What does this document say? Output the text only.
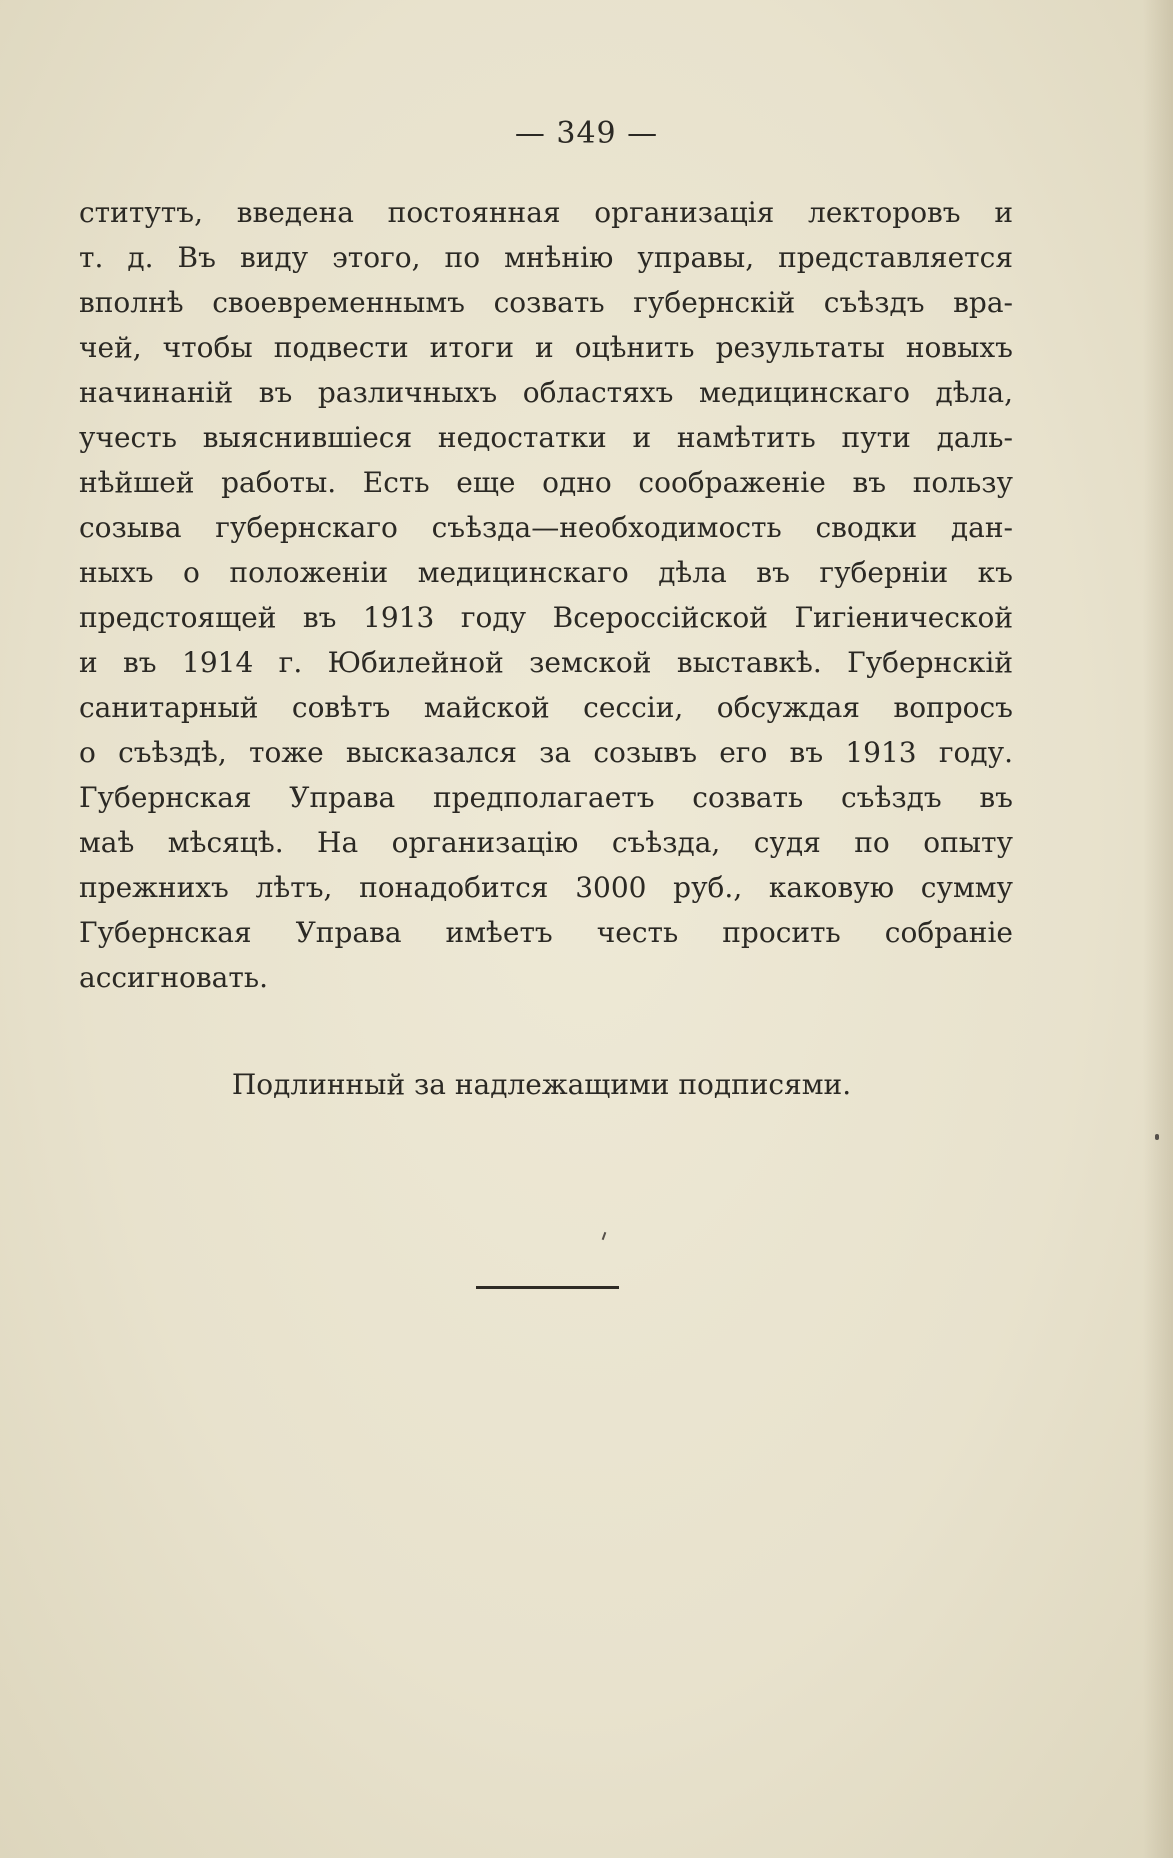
— 349 —
ститутъ, введена постоянная организація лекторовъ и
т. д. Въ виду этого, по мнѣнію управы, представляется
вполнѣ своевременнымъ созвать губернскій съѣздъ вра-
чей, чтобы подвести итоги и оцѣнить результаты новыхъ
начинаній въ различныхъ областяхъ медицинскаго дѣла,
учесть выяснившіеся недостатки и намѣтить пути даль-
нѣйшей работы. Есть еще одно соображеніе въ пользу
созыва губернскаго съѣзда—необходимость сводки дан-
ныхъ о положеніи медицинскаго дѣла въ губерніи къ
предстоящей въ 1913 году Всероссійской Гигіенической
и въ 1914 г. Юбилейной земской выставкѣ. Губернскій
санитарный совѣтъ майской сессіи, обсуждая вопросъ
о съѣздѣ, тоже высказался за созывъ его въ 1913 году.
Губернская Управа предполагаетъ созвать съѣздъ въ
маѣ мѣсяцѣ. На организацію съѣзда, судя по опыту
прежнихъ лѣтъ, понадобится 3000 руб., каковую сумму
Губернская Управа имѣетъ честь просить собраніе
ассигновать.
Подлинный за надлежащими подписями.
